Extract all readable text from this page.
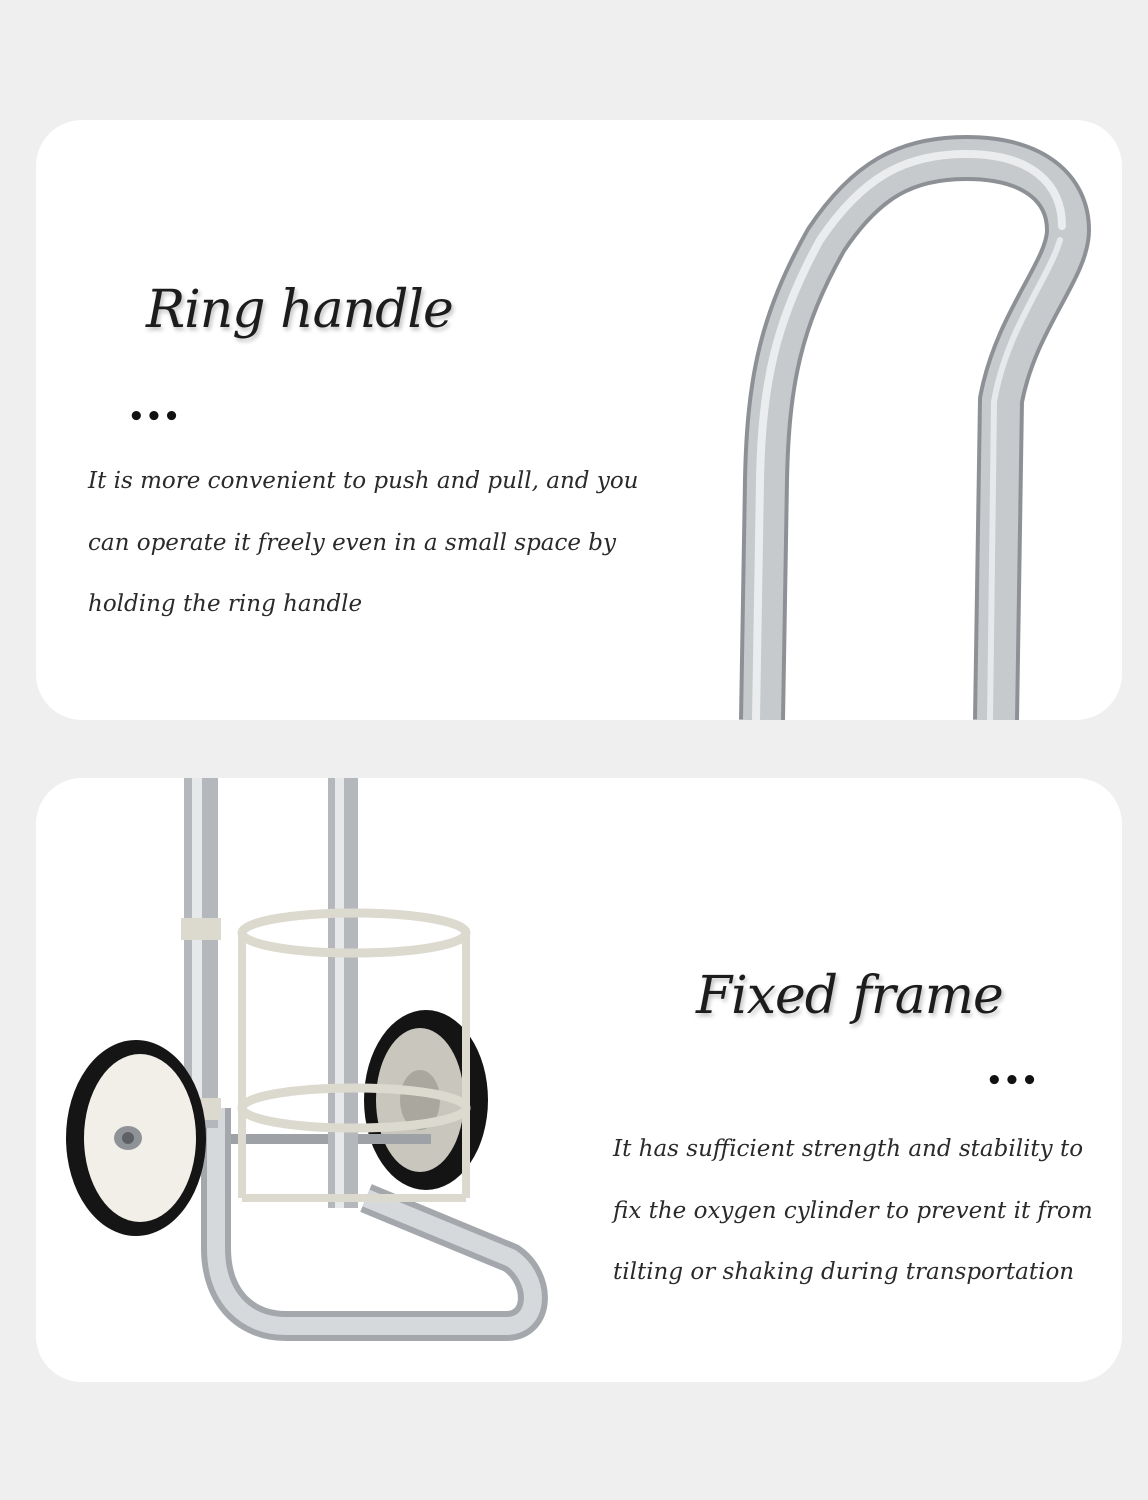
Ring handle
•••

It is more convenient to push and pull, and you can operate it freely even in a small space by holding the ring handle

Fixed frame
•••

It has sufficient strength and stability to fix the oxygen cylinder to prevent it from tilting or shaking during transportation
